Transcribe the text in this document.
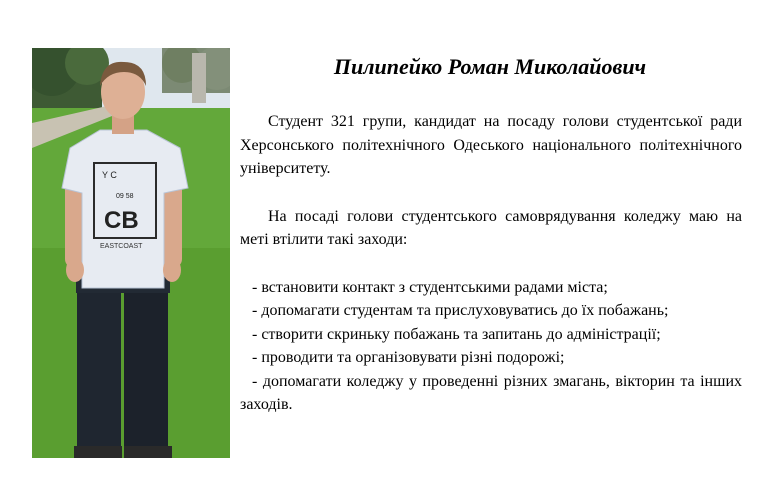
Y C
09 58
CB
EASTCOAST
Пилипейко Роман Миколайович

Студент 321 групи, кандидат на посаду голови студентської ради Херсонського політехнічного Одеського національного політехнічного університету.

На посаді голови студентського самоврядування коледжу маю на меті втілити такі заходи:

- встановити контакт з студентськими радами міста;

- допомагати студентам та прислуховуватись до їх побажань;

- створити скриньку побажань та запитань до адміністрації;

- проводити та організовувати різні подорожі;

- допомагати коледжу у проведенні різних змагань, вікторин та інших заходів.
